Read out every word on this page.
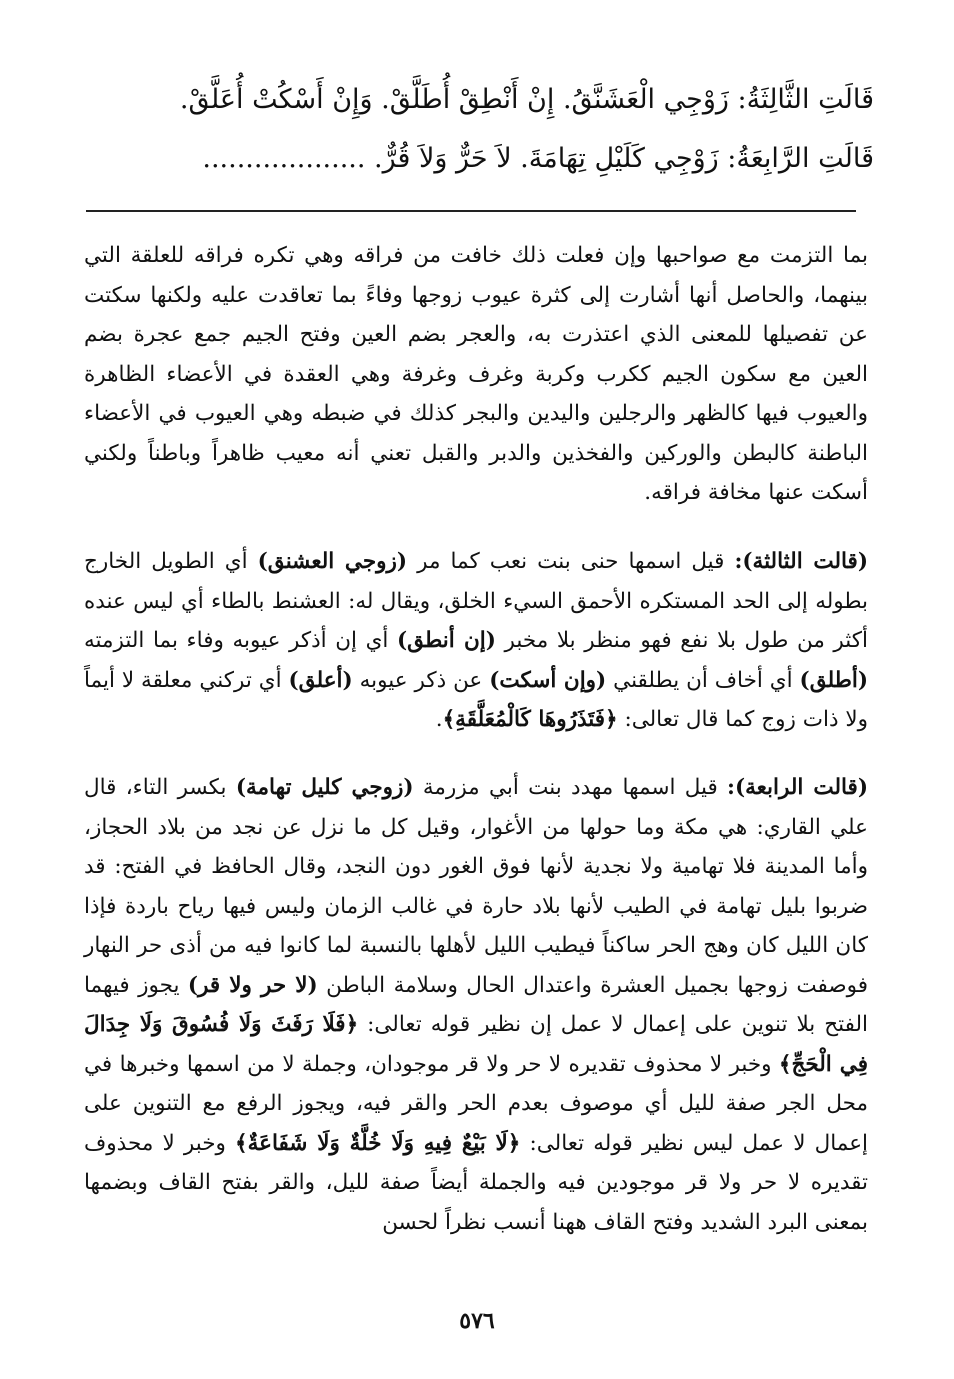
قَالَتِ الثَّالِثَةُ: زَوْجِي الْعَشَنَّقُ. إِنْ أَنْطِقْ أُطَلَّقْ. وَإِنْ أَسْكُتْ أُعَلَّقْ.
قَالَتِ الرَّابِعَةُ: زَوْجِي كَلَيْلِ تِهَامَةَ. لاَ حَرٌّ وَلاَ قُرٌّ. ...................
بما التزمت مع صواحبها وإن فعلت ذلك خافت من فراقه وهي تكره فراقه للعلقة التي بينهما، والحاصل أنها أشارت إلى كثرة عيوب زوجها وفاءً بما تعاقدت عليه ولكنها سكتت عن تفصيلها للمعنى الذي اعتذرت به، والعجر بضم العين وفتح الجيم جمع عجرة بضم العين مع سكون الجيم ككرب وكربة وغرف وغرفة وهي العقدة في الأعضاء الظاهرة والعيوب فيها كالظهر والرجلين واليدين والبجر كذلك في ضبطه وهي العيوب في الأعضاء الباطنة كالبطن والوركين والفخذين والدبر والقبل تعني أنه معيب ظاهراً وباطناً ولكني أسكت عنها مخافة فراقه.
(قالت الثالثة): قيل اسمها حنى بنت نعب كما مر (زوجي العشنق) أي الطويل الخارج بطوله إلى الحد المستكره الأحمق السيء الخلق، ويقال له: العشنط بالطاء أي ليس عنده أكثر من طول بلا نفع فهو منظر بلا مخبر (إن أنطق) أي إن أذكر عيوبه وفاء بما التزمته (أطلق) أي أخاف أن يطلقني (وإن أسكت) عن ذكر عيوبه (أعلق) أي تركني معلقة لا أيماً ولا ذات زوج كما قال تعالى: ﴿فَتَذَرُوهَا كَالْمُعَلَّقَةِ﴾.
(قالت الرابعة): قيل اسمها مهدد بنت أبي مزرمة (زوجي كليل تهامة) بكسر التاء، قال علي القاري: هي مكة وما حولها من الأغوار، وقيل كل ما نزل عن نجد من بلاد الحجاز، وأما المدينة فلا تهامية ولا نجدية لأنها فوق الغور دون النجد، وقال الحافظ في الفتح: قد ضربوا بليل تهامة في الطيب لأنها بلاد حارة في غالب الزمان وليس فيها رياح باردة فإذا كان الليل كان وهج الحر ساكناً فيطيب الليل لأهلها بالنسبة لما كانوا فيه من أذى حر النهار فوصفت زوجها بجميل العشرة واعتدال الحال وسلامة الباطن (لا حر ولا قر) يجوز فيهما الفتح بلا تنوين على إعمال لا عمل إن نظير قوله تعالى: ﴿فَلَا رَفَثَ وَلَا فُسُوقَ وَلَا جِدَالَ فِي الْحَجِّ﴾ وخبر لا محذوف تقديره لا حر ولا قر موجودان، وجملة لا من اسمها وخبرها في محل الجر صفة لليل أي موصوف بعدم الحر والقر فيه، ويجوز الرفع مع التنوين على إعمال لا عمل ليس نظير قوله تعالى: ﴿لَا بَيْعٌ فِيهِ وَلَا خُلَّةٌ وَلَا شَفَاعَةٌ﴾ وخبر لا محذوف تقديره لا حر ولا قر موجودين فيه والجملة أيضاً صفة لليل، والقر بفتح القاف وبضمها بمعنى البرد الشديد وفتح القاف ههنا أنسب نظراً لحسن
٥٧٦
